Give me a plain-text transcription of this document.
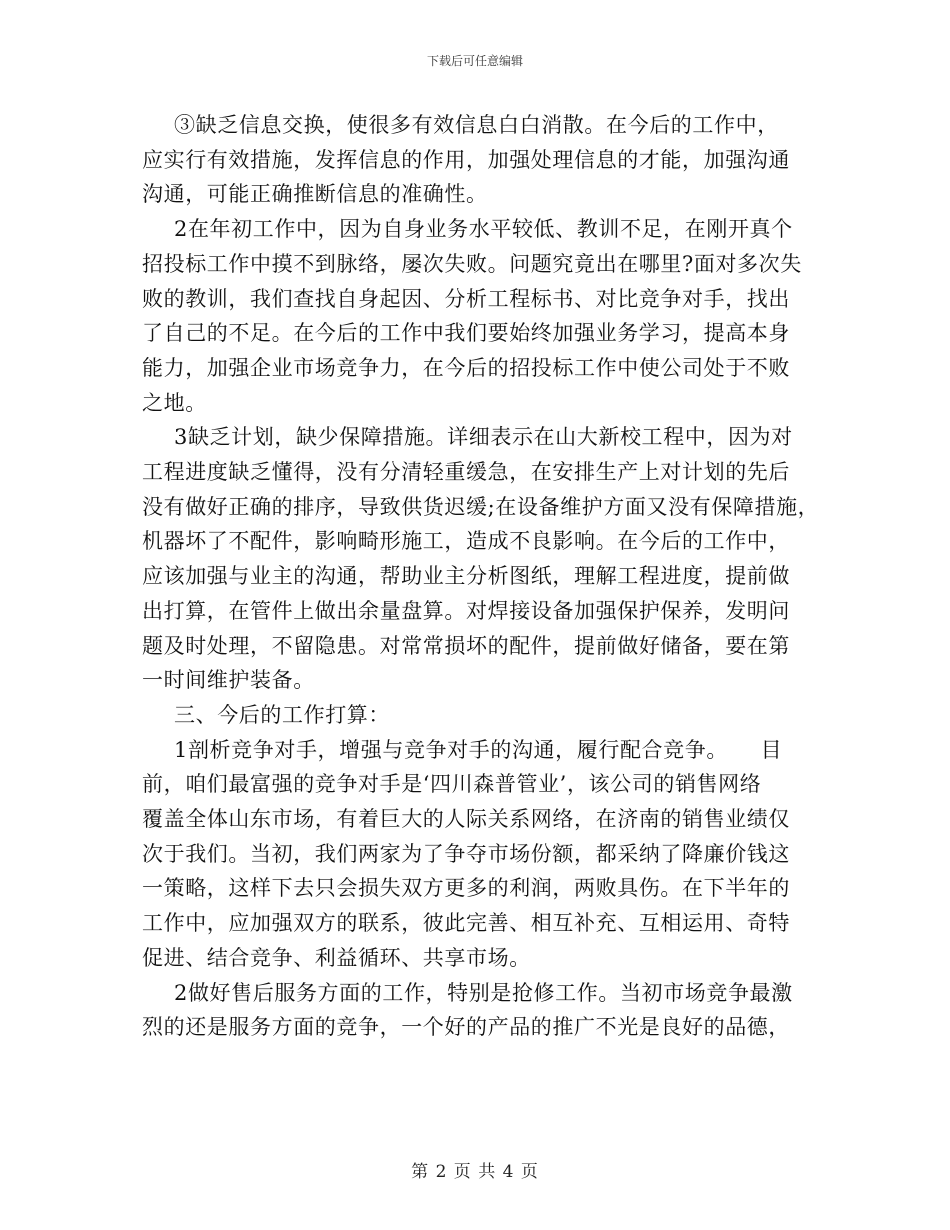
下载后可任意编辑
③缺乏信息交换，使很多有效信息白白消散。在今后的工作中，
应实行有效措施，发挥信息的作用，加强处理信息的才能，加强沟通
沟通，可能正确推断信息的准确性。
2在年初工作中，因为自身业务水平较低、教训不足，在刚开真个
招投标工作中摸不到脉络，屡次失败。问题究竟出在哪里?面对多次失
败的教训，我们查找自身起因、分析工程标书、对比竞争对手，找出
了自己的不足。在今后的工作中我们要始终加强业务学习，提高本身
能力，加强企业市场竞争力，在今后的招投标工作中使公司处于不败
之地。
3缺乏计划，缺少保障措施。详细表示在山大新校工程中，因为对
工程进度缺乏懂得，没有分清轻重缓急，在安排生产上对计划的先后
没有做好正确的排序，导致供货迟缓;在设备维护方面又没有保障措施，
机器坏了不配件，影响畸形施工，造成不良影响。在今后的工作中，
应该加强与业主的沟通，帮助业主分析图纸，理解工程进度，提前做
出打算，在管件上做出余量盘算。对焊接设备加强保护保养，发明问
题及时处理，不留隐患。对常常损坏的配件，提前做好储备，要在第
一时间维护装备。
三、今后的工作打算：
1剖析竞争对手，增强与竞争对手的沟通，履行配合竞争。　　目
前，咱们最富强的竞争对手是‘四川森普管业’，该公司的销售网络
覆盖全体山东市场，有着巨大的人际关系网络，在济南的销售业绩仅
次于我们。当初，我们两家为了争夺市场份额，都采纳了降廉价钱这
一策略，这样下去只会损失双方更多的利润，两败具伤。在下半年的
工作中，应加强双方的联系，彼此完善、相互补充、互相运用、奇特
促进、结合竞争、利益循环、共享市场。
2做好售后服务方面的工作，特别是抢修工作。当初市场竞争最激
烈的还是服务方面的竞争，一个好的产品的推广不光是良好的品德，
第 2 页 共 4 页
